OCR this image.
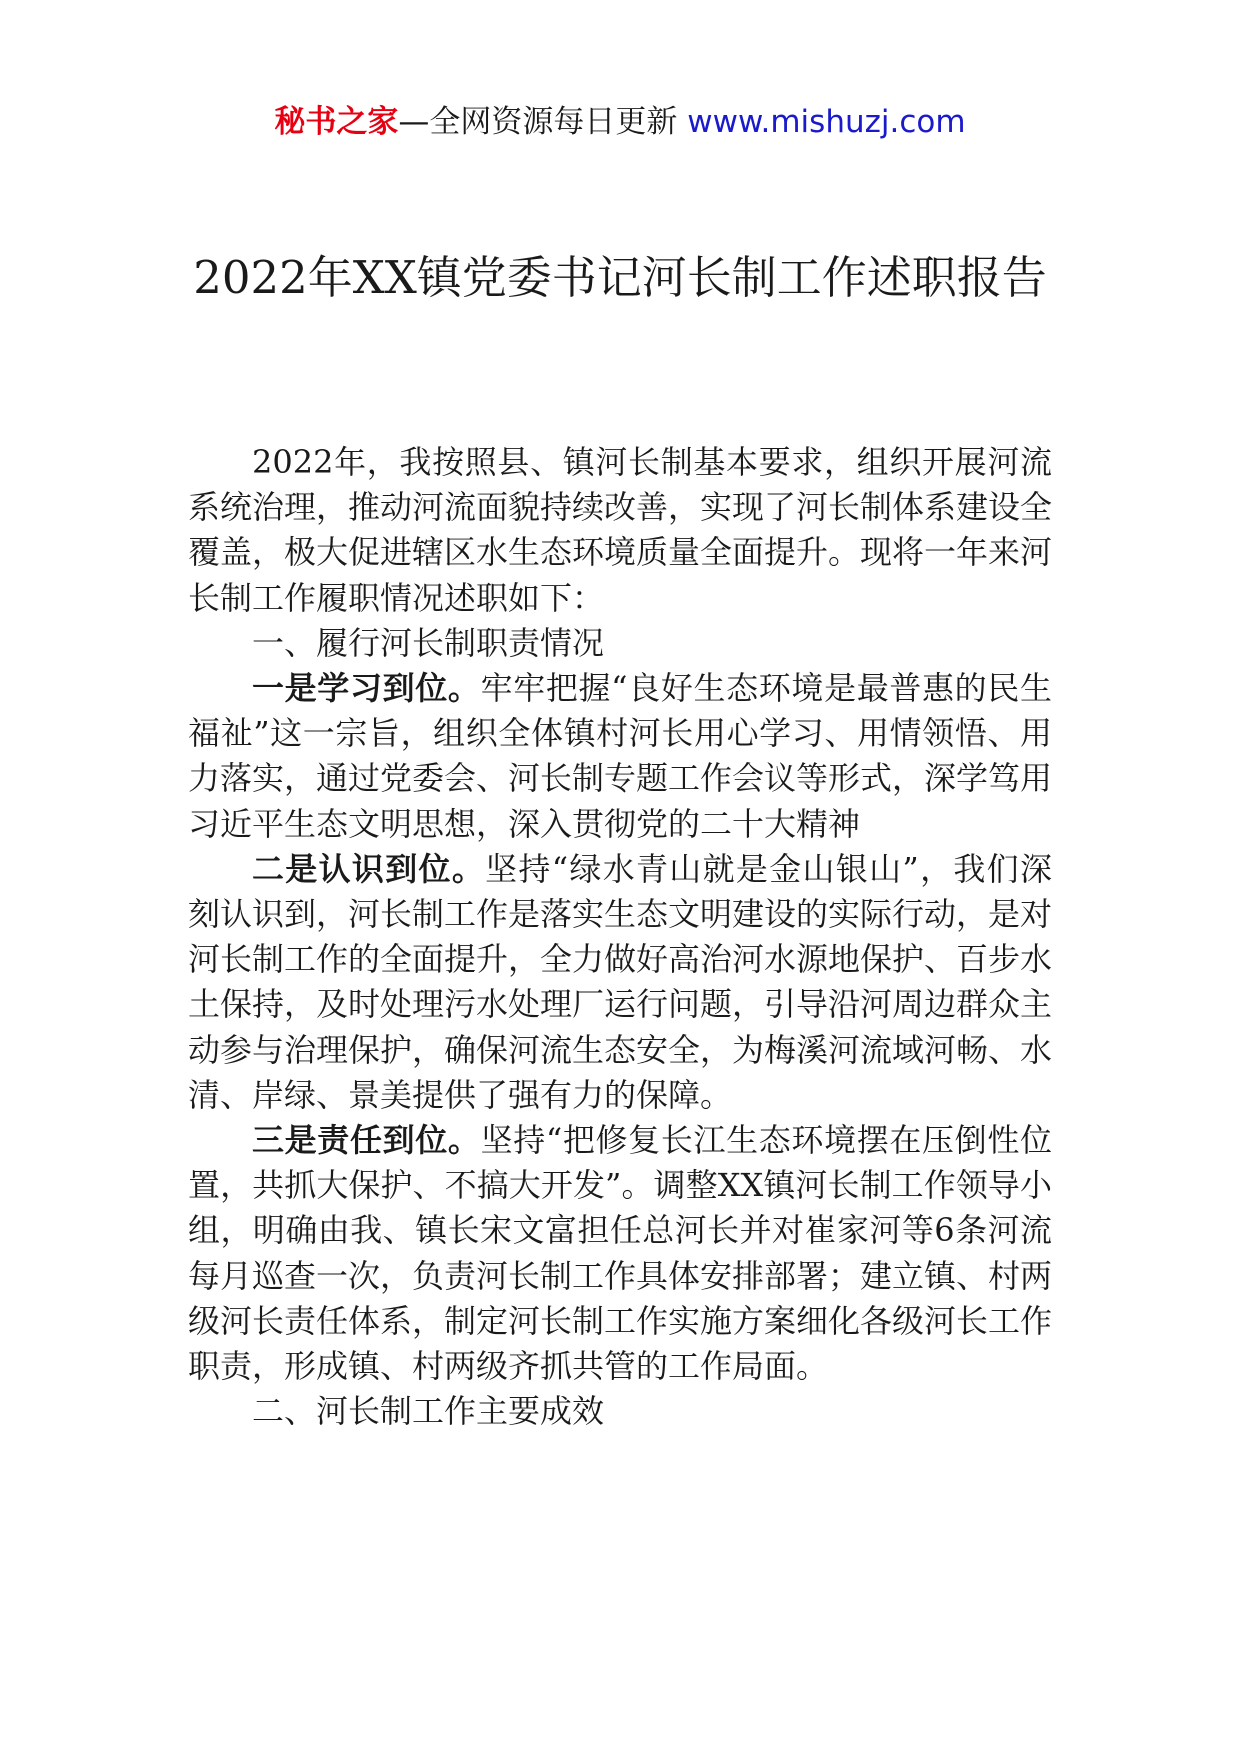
秘书之家—全网资源每日更新 www.mishuzj.com
2022年XX镇党委书记河长制工作述职报告

2022年，我按照县、镇河长制基本要求，组织开展河流系统治理，推动河流面貌持续改善，实现了河长制体系建设全覆盖，极大促进辖区水生态环境质量全面提升。现将一年来河长制工作履职情况述职如下：

一、履行河长制职责情况

一是学习到位。牢牢把握“良好生态环境是最普惠的民生福祉”这一宗旨，组织全体镇村河长用心学习、用情领悟、用力落实，通过党委会、河长制专题工作会议等形式，深学笃用习近平生态文明思想，深入贯彻党的二十大精神

二是认识到位。坚持“绿水青山就是金山银山”，我们深刻认识到，河长制工作是落实生态文明建设的实际行动，是对河长制工作的全面提升，全力做好高治河水源地保护、百步水土保持，及时处理污水处理厂运行问题，引导沿河周边群众主动参与治理保护，确保河流生态安全，为梅溪河流域河畅、水清、岸绿、景美提供了强有力的保障。

三是责任到位。坚持“把修复长江生态环境摆在压倒性位置，共抓大保护、不搞大开发”。调整XX镇河长制工作领导小组，明确由我、镇长宋文富担任总河长并对崔家河等6条河流每月巡查一次，负责河长制工作具体安排部署；建立镇、村两级河长责任体系，制定河长制工作实施方案细化各级河长工作职责，形成镇、村两级齐抓共管的工作局面。

二、河长制工作主要成效
